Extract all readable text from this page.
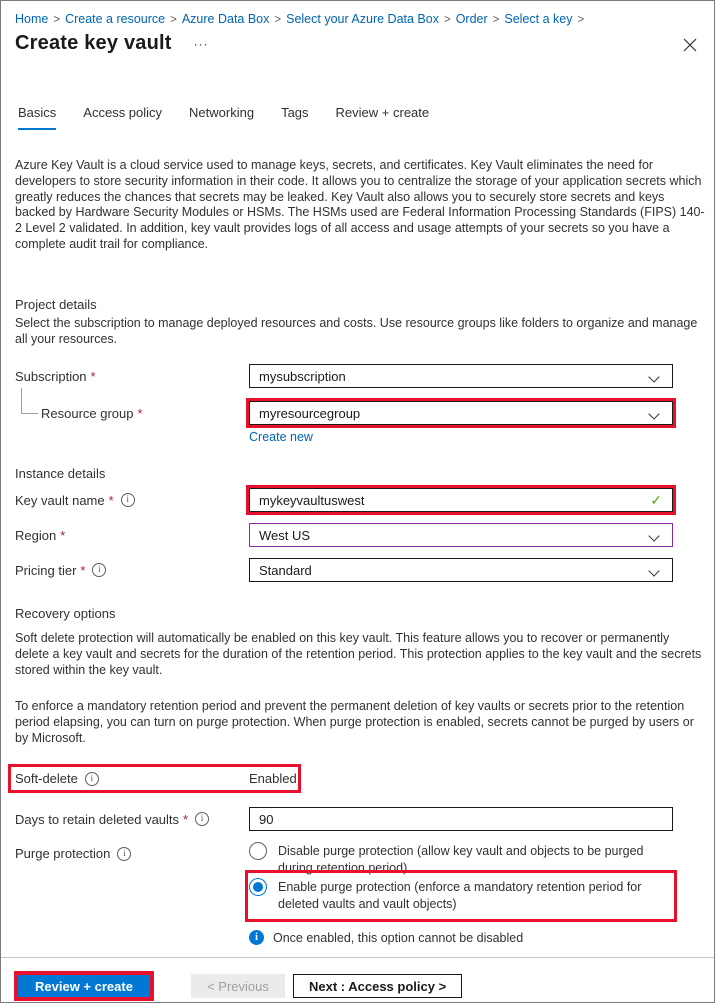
Home > Create a resource > Azure Data Box > Select your Azure Data Box > Order > Select a key >
Create key vault ···
Basics Access policy Networking Tags Review + create

Azure Key Vault is a cloud service used to manage keys, secrets, and certificates. Key Vault eliminates the need for developers to store security information in their code. It allows you to centralize the storage of your application secrets which greatly reduces the chances that secrets may be leaked. Key Vault also allows you to securely store secrets and keys backed by Hardware Security Modules or HSMs. The HSMs used are Federal Information Processing Standards (FIPS) 140-2 Level 2 validated. In addition, key vault provides logs of all access and usage attempts of your secrets so you have a complete audit trail for compliance.

Project details

Select the subscription to manage deployed resources and costs. Use resource groups like folders to organize and manage all your resources.

Subscription *	mysubscription
Resource group *	myresourcegroup
Create new
Instance details
Key vault name *	i	mykeyvaultuswest	✓
Region *	West US
Pricing tier *	i	Standard
Recovery options

Soft delete protection will automatically be enabled on this key vault. This feature allows you to recover or permanently delete a key vault and secrets for the duration of the retention period. This protection applies to the key vault and the secrets stored within the key vault.

To enforce a mandatory retention period and prevent the permanent deletion of key vaults or secrets prior to the retention period elapsing, you can turn on purge protection. When purge protection is enabled, secrets cannot be purged by users or by Microsoft.

Soft-delete	i	Enabled
Days to retain deleted vaults *	i	90
Purge protection	i	Disable purge protection (allow key vault and objects to be purged during retention period)
Enable purge protection (enforce a mandatory retention period for deleted vaults and vault objects)
i	Once enabled, this option cannot be disabled
Review + create	< Previous	Next : Access policy >
